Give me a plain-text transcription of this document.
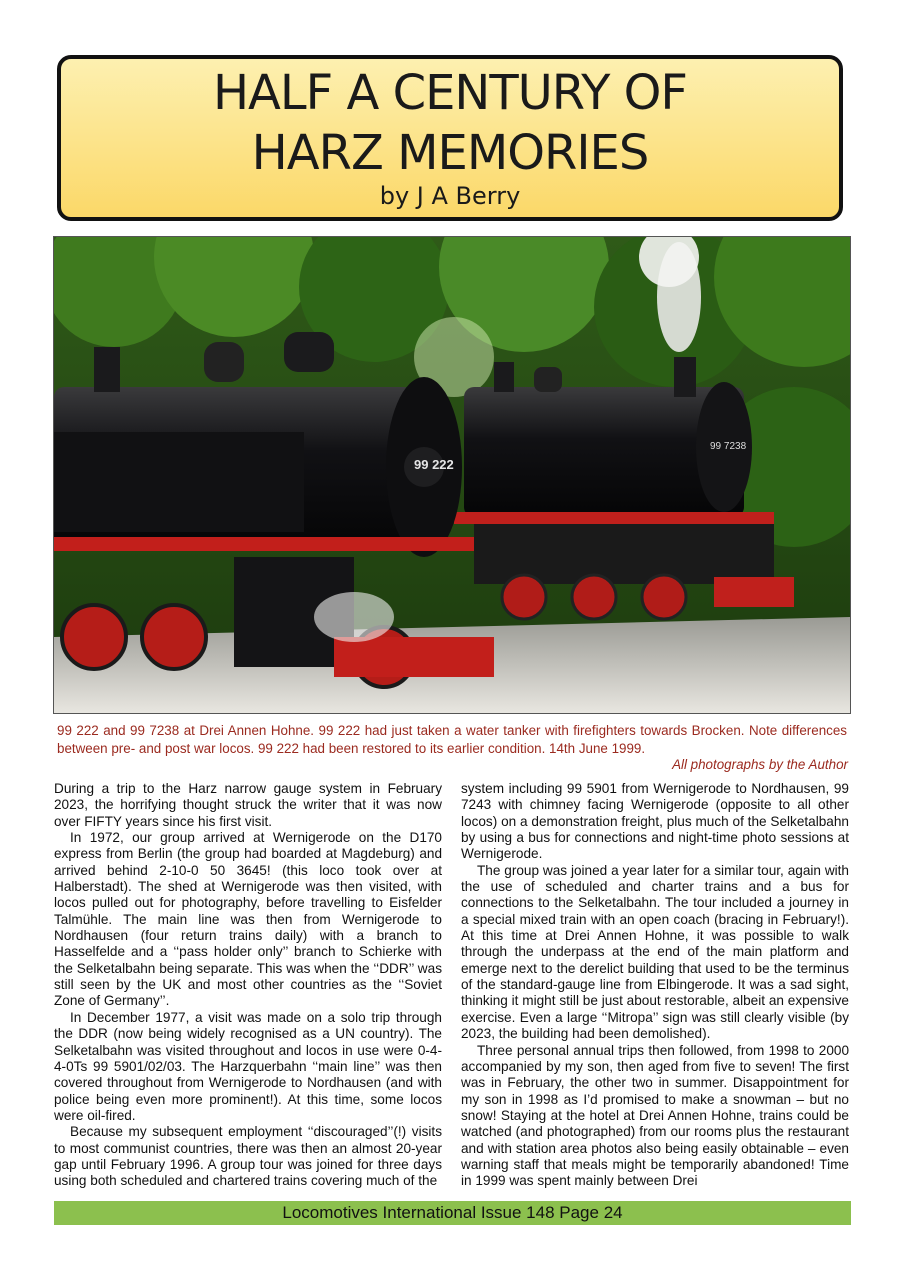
HALF A CENTURY OF
HARZ MEMORIES
by J A Berry
99 7238
99 222
99 222 and 99 7238 at Drei Annen Hohne. 99 222 had just taken a water tanker with firefighters towards Brocken. Note differences between pre- and post war locos. 99 222 had been restored to its earlier condition. 14th June 1999.
All photographs by the Author

During a trip to the Harz narrow gauge system in February 2023, the horrifying thought struck the writer that it was now over FIFTY years since his first visit.

In 1972, our group arrived at Wernigerode on the D170 express from Berlin (the group had boarded at Magdeburg) and arrived behind 2-10-0 50 3645! (this loco took over at Halberstadt). The shed at Wernigerode was then visited, with locos pulled out for photography, before travelling to Eisfelder Talmühle. The main line was then from Wernigerode to Nordhausen (four return trains daily) with a branch to Hasselfelde and a ‘‘pass holder only’’ branch to Schierke with the Selketalbahn being separate. This was when the ‘‘DDR’’ was still seen by the UK and most other countries as the ‘‘Soviet Zone of Germany’’.

In December 1977, a visit was made on a solo trip through the DDR (now being widely recognised as a UN country). The Selketalbahn was visited throughout and locos in use were 0-4-4-0Ts 99 5901/02/03. The Harzquerbahn ‘‘main line’’ was then covered throughout from Wernigerode to Nordhausen (and with police being even more prominent!). At this time, some locos were oil-fired.

Because my subsequent employment ‘‘discouraged’’(!) visits to most communist countries, there was then an almost 20-year gap until February 1996. A group tour was joined for three days using both scheduled and chartered trains covering much of the

system including 99 5901 from Wernigerode to Nordhausen, 99 7243 with chimney facing Wernigerode (opposite to all other locos) on a demonstration freight, plus much of the Selketalbahn by using a bus for connections and night-time photo sessions at Wernigerode.

The group was joined a year later for a similar tour, again with the use of scheduled and charter trains and a bus for connections to the Selketalbahn. The tour included a journey in a special mixed train with an open coach (bracing in February!). At this time at Drei Annen Hohne, it was possible to walk through the underpass at the end of the main platform and emerge next to the derelict building that used to be the terminus of the standard-gauge line from Elbingerode. It was a sad sight, thinking it might still be just about restorable, albeit an expensive exercise. Even a large ‘‘Mitropa’’ sign was still clearly visible (by 2023, the building had been demolished).

Three personal annual trips then followed, from 1998 to 2000 accompanied by my son, then aged from five to seven! The first was in February, the other two in summer. Disappointment for my son in 1998 as I’d promised to make a snowman – but no snow! Staying at the hotel at Drei Annen Hohne, trains could be watched (and photographed) from our rooms plus the restaurant and with station area photos also being easily obtainable – even warning staff that meals might be temporarily abandoned! Time in 1999 was spent mainly between Drei

Locomotives International Issue 148 Page 24
